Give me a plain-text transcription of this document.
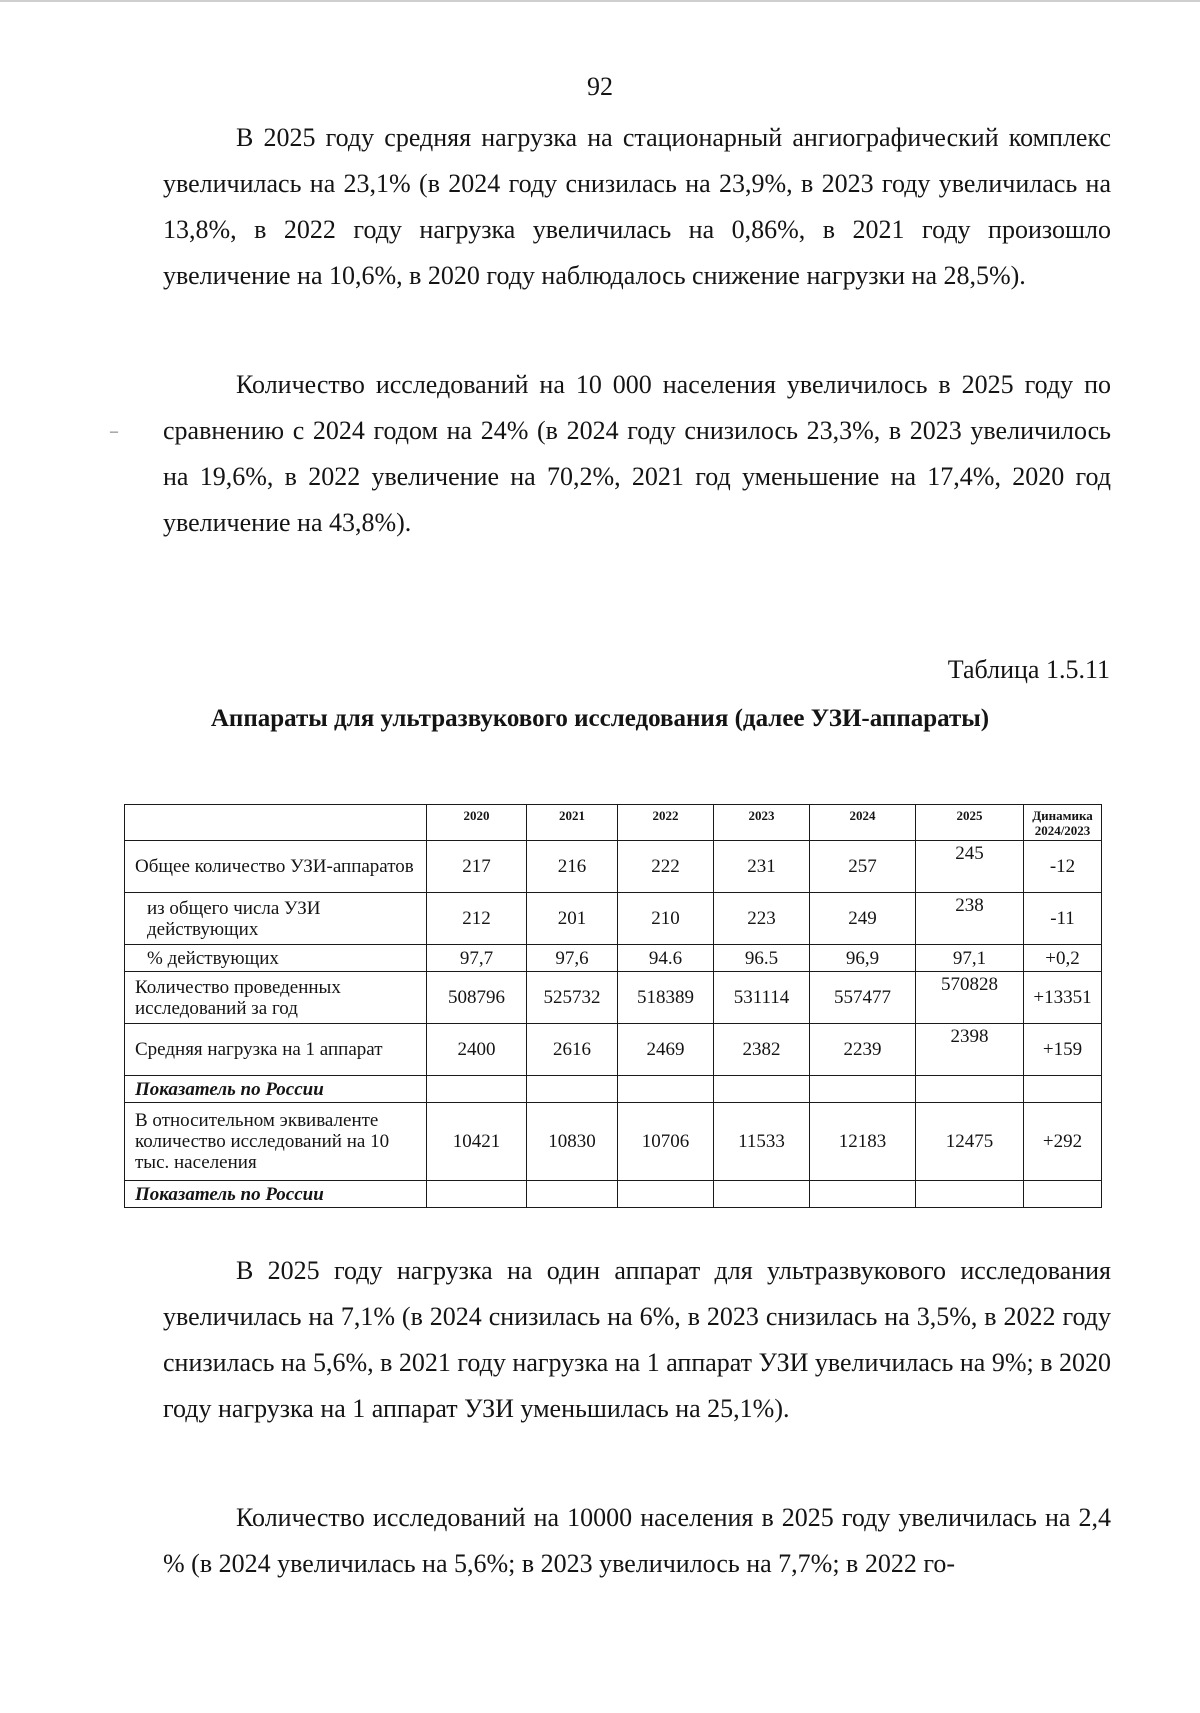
92

В 2025 году средняя нагрузка на стационарный ангиографический комплекс увеличилась на 23,1% (в 2024 году снизилась на 23,9%, в 2023 году увеличилась на 13,8%, в 2022 году нагрузка увеличилась на 0,86%, в 2021 году произошло увеличение на 10,6%, в 2020 году наблюдалось снижение нагрузки на 28,5%).

Количество исследований на 10 000 населения увеличилось в 2025 году по сравнению с 2024 годом на 24% (в 2024 году снизилось 23,3%, в 2023 увеличилось на 19,6%, в 2022 увеличение на 70,2%, 2021 год уменьшение на 17,4%, 2020 год увеличение на 43,8%).

Таблица 1.5.11
Аппараты для ультразвукового исследования (далее УЗИ-аппараты)
	2020	2021	2022	2023	2024	2025	Динамика 2024/2023
Общее количество УЗИ-аппаратов	217	216	222	231	257	245	-12
из общего числа УЗИ действующих	212	201	210	223	249	238	-11
% действующих	97,7	97,6	94.6	96.5	96,9	97,1	+0,2
Количество проведенных исследований за год	508796	525732	518389	531114	557477	570828	+13351
Средняя нагрузка на 1 аппарат	2400	2616	2469	2382	2239	2398	+159
Показатель по России							
В относительном эквиваленте количество исследований на 10 тыс. населения	10421	10830	10706	11533	12183	12475	+292
Показатель по России							

В 2025 году нагрузка на один аппарат для ультразвукового исследования увеличилась на 7,1% (в 2024 снизилась на 6%, в 2023 снизилась на 3,5%, в 2022 году снизилась на 5,6%, в 2021 году нагрузка на 1 аппарат УЗИ увеличилась на 9%; в 2020 году нагрузка на 1 аппарат УЗИ уменьшилась на 25,1%).

Количество исследований на 10000 населения в 2025 году увеличилась на 2,4 % (в 2024 увеличилась на 5,6%; в 2023 увеличилось на 7,7%; в 2022 го-

–
